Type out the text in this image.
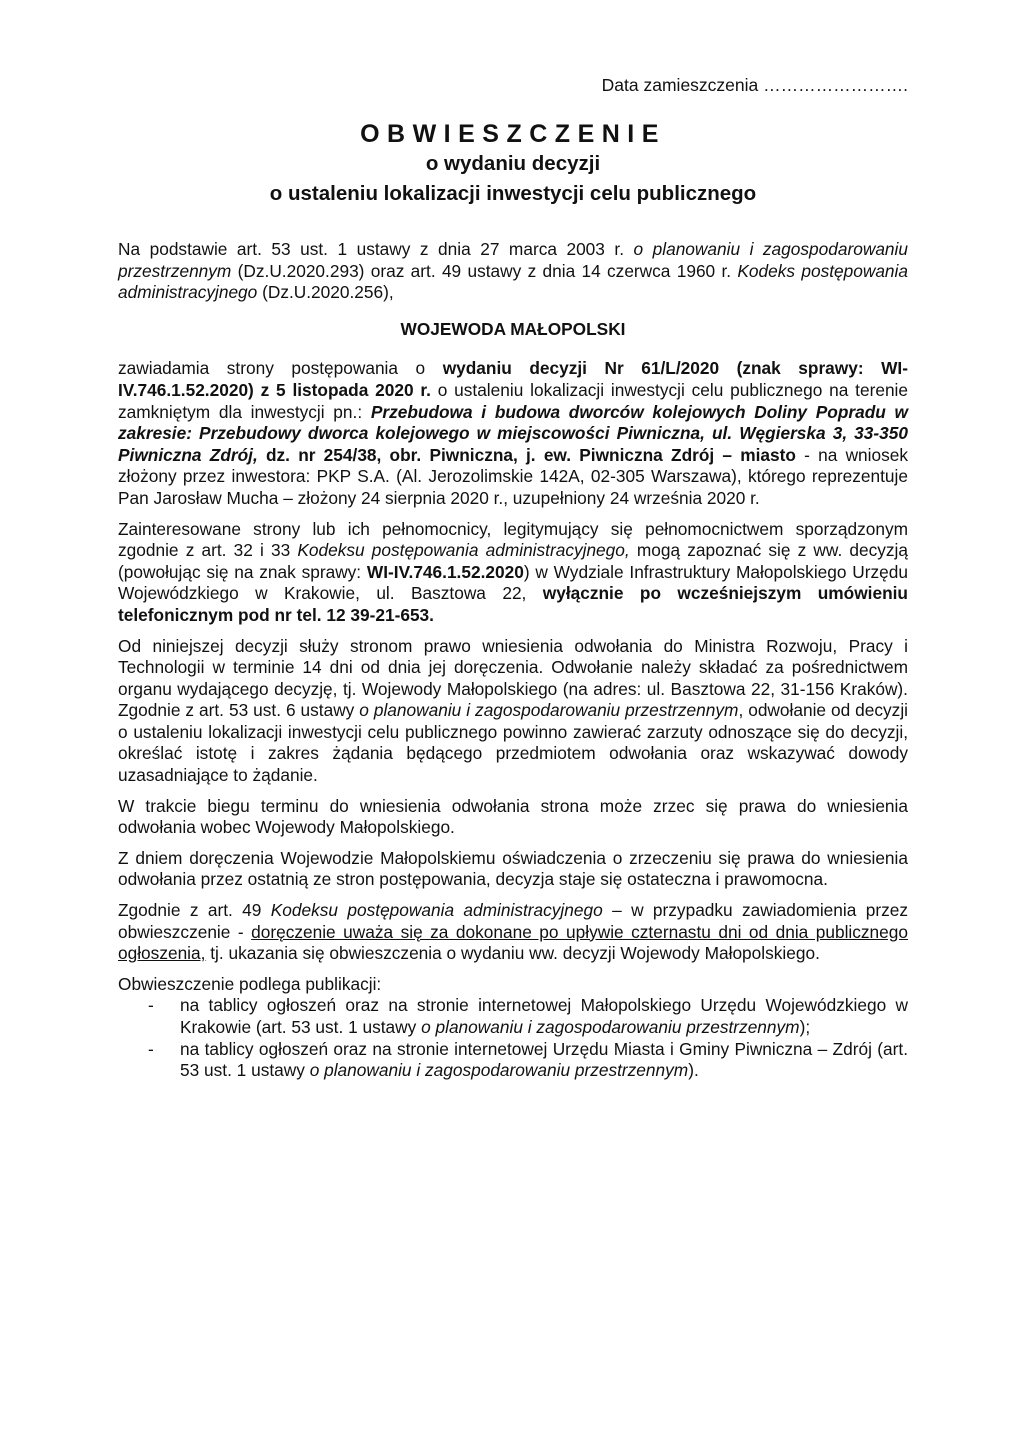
Data zamieszczenia …………………….
OBWIESZCZENIE
o wydaniu decyzji
o ustaleniu lokalizacji inwestycji celu publicznego

Na podstawie art. 53 ust. 1 ustawy z dnia 27 marca 2003 r. o planowaniu i zagospodarowaniu przestrzennym (Dz.U.2020.293) oraz art. 49 ustawy z dnia 14 czerwca 1960 r. Kodeks postępowania administracyjnego (Dz.U.2020.256),

WOJEWODA MAŁOPOLSKI

zawiadamia strony postępowania o wydaniu decyzji Nr 61/L/2020 (znak sprawy: WI-IV.746.1.52.2020) z 5 listopada 2020 r. o ustaleniu lokalizacji inwestycji celu publicznego na terenie zamkniętym dla inwestycji pn.: Przebudowa i budowa dworców kolejowych Doliny Popradu w zakresie: Przebudowy dworca kolejowego w miejscowości Piwniczna, ul. Węgierska 3, 33-350 Piwniczna Zdrój, dz. nr 254/38, obr. Piwniczna, j. ew. Piwniczna Zdrój – miasto - na wniosek złożony przez inwestora: PKP S.A. (Al. Jerozolimskie 142A, 02-305 Warszawa), którego reprezentuje Pan Jarosław Mucha – złożony 24 sierpnia 2020 r., uzupełniony 24 września 2020 r.

Zainteresowane strony lub ich pełnomocnicy, legitymujący się pełnomocnictwem sporządzonym zgodnie z art. 32 i 33 Kodeksu postępowania administracyjnego, mogą zapoznać się z ww. decyzją (powołując się na znak sprawy: WI-IV.746.1.52.2020) w Wydziale Infrastruktury Małopolskiego Urzędu Wojewódzkiego w Krakowie, ul. Basztowa 22, wyłącznie po wcześniejszym umówieniu telefonicznym pod nr tel. 12 39-21-653.

Od niniejszej decyzji służy stronom prawo wniesienia odwołania do Ministra Rozwoju, Pracy i Technologii w terminie 14 dni od dnia jej doręczenia. Odwołanie należy składać za pośrednictwem organu wydającego decyzję, tj. Wojewody Małopolskiego (na adres: ul. Basztowa 22, 31-156 Kraków). Zgodnie z art. 53 ust. 6 ustawy o planowaniu i zagospodarowaniu przestrzennym, odwołanie od decyzji o ustaleniu lokalizacji inwestycji celu publicznego powinno zawierać zarzuty odnoszące się do decyzji, określać istotę i zakres żądania będącego przedmiotem odwołania oraz wskazywać dowody uzasadniające to żądanie.

W trakcie biegu terminu do wniesienia odwołania strona może zrzec się prawa do wniesienia odwołania wobec Wojewody Małopolskiego.

Z dniem doręczenia Wojewodzie Małopolskiemu oświadczenia o zrzeczeniu się prawa do wniesienia odwołania przez ostatnią ze stron postępowania, decyzja staje się ostateczna i prawomocna.

Zgodnie z art. 49 Kodeksu postępowania administracyjnego – w przypadku zawiadomienia przez obwieszczenie - doręczenie uważa się za dokonane po upływie czternastu dni od dnia publicznego ogłoszenia, tj. ukazania się obwieszczenia o wydaniu ww. decyzji Wojewody Małopolskiego.

Obwieszczenie podlega publikacji:
- na tablicy ogłoszeń oraz na stronie internetowej Małopolskiego Urzędu Wojewódzkiego w Krakowie (art. 53 ust. 1 ustawy o planowaniu i zagospodarowaniu przestrzennym);
- na tablicy ogłoszeń oraz na stronie internetowej Urzędu Miasta i Gminy Piwniczna – Zdrój (art. 53 ust. 1 ustawy o planowaniu i zagospodarowaniu przestrzennym).
